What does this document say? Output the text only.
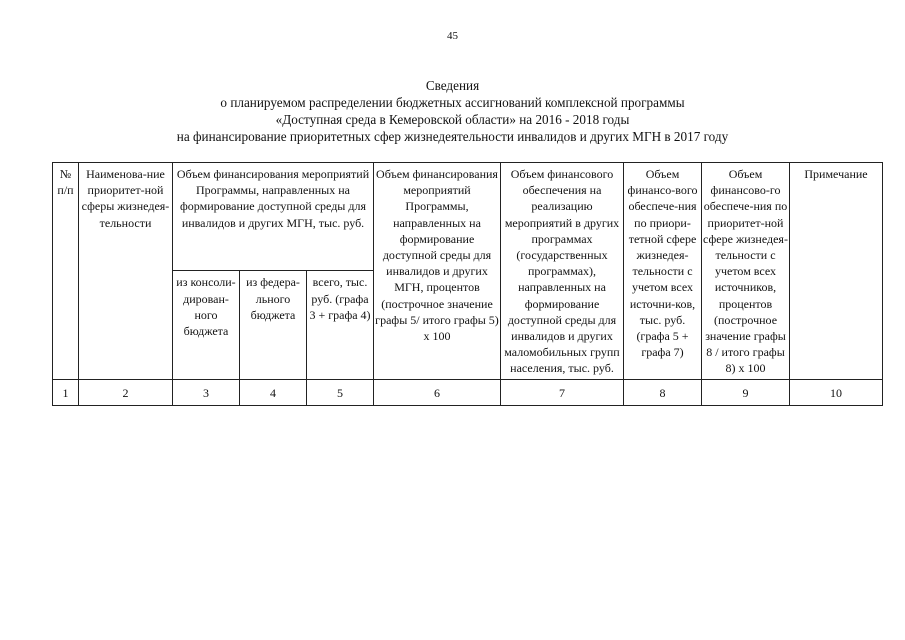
45
Сведения
о планируемом распределении бюджетных ассигнований комплексной программы
«Доступная среда в Кемеровской области» на 2016 - 2018 годы
на финансирование приоритетных сфер жизнедеятельности инвалидов и других МГН в 2017 году
№ п/п	Наименова-ние приоритет-ной сферы жизнедея-тельности	Объем финансирования мероприятий Программы, направленных на формирование доступной среды для инвалидов и других МГН, тыс. руб.			Объем финансирования мероприятий Программы, направленных на формирование доступной среды для инвалидов и других МГН, процентов (построчное значение графы 5/ итого графы 5) х 100	Объем финансового обеспечения на реализацию мероприятий в других программах (государственных программах), направленных на формирование доступной среды для инвалидов и других маломобильных групп населения, тыс. руб.	Объем финансо-вого обеспече-ния по приори-тетной сфере жизнедея-тельности с учетом всех источни-ков, тыс. руб. (графа 5 + графа 7)	Объем финансово-го обеспече-ния по приоритет-ной сфере жизнедея-тельности с учетом всех источников, процентов (построчное значение графы 8 / итого графы 8) х 100	Примечание
		из консоли-дирован-ного бюджета	из федера-льного бюджета	всего, тыс. руб. (графа 3 + графа 4)					
1	2	3	4	5	6	7	8	9	10
